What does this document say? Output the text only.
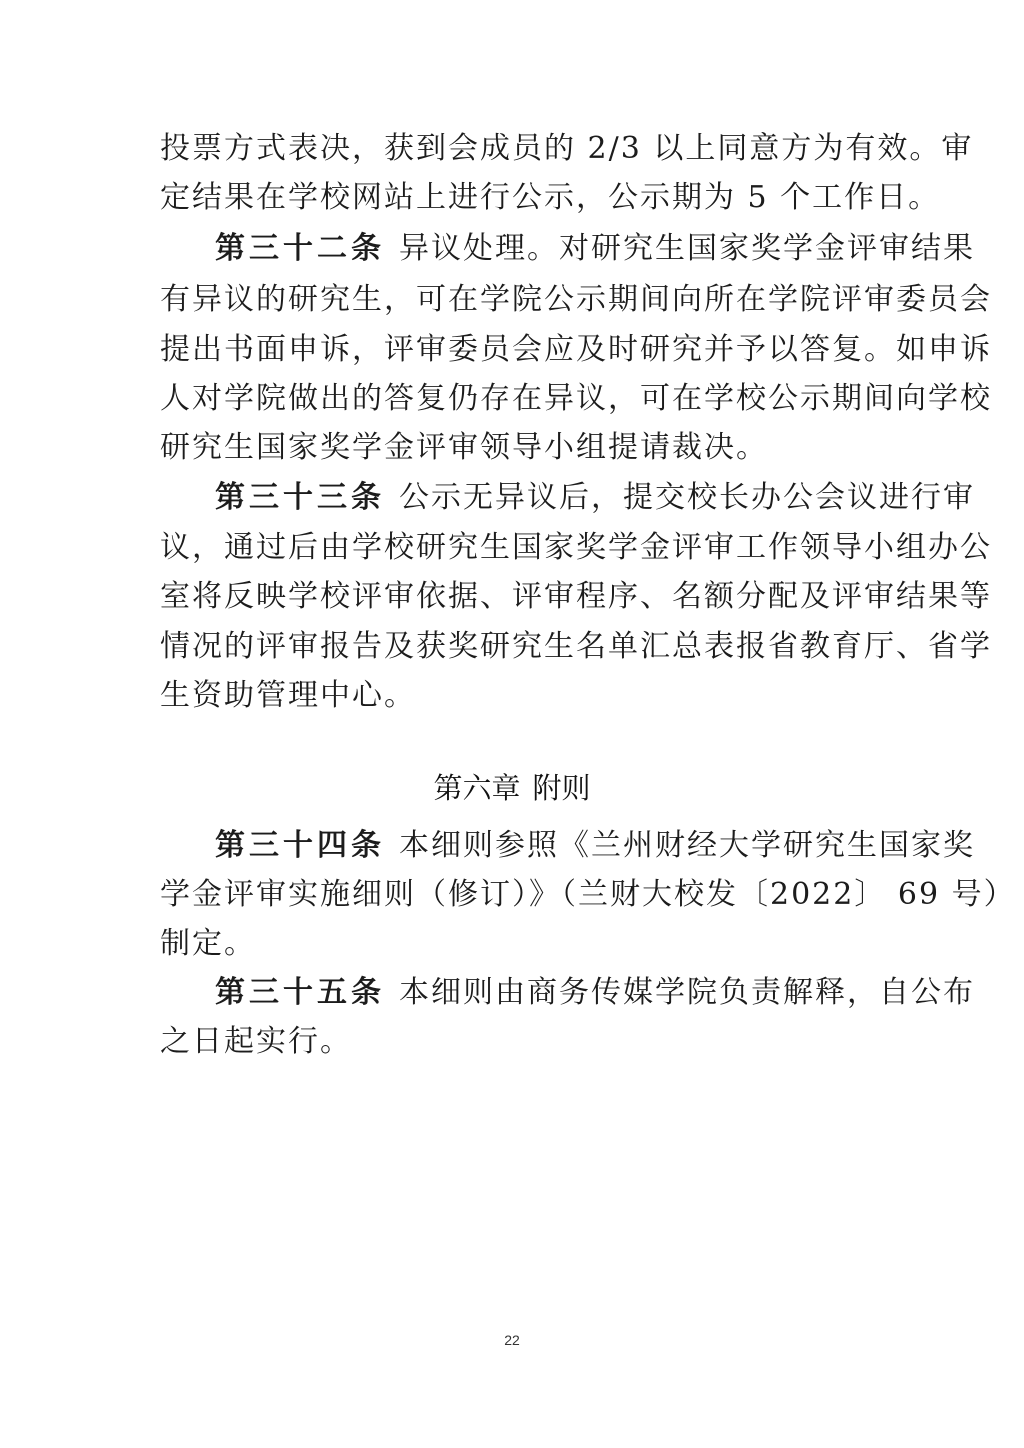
投票方式表决，获到会成员的 2/3 以上同意方为有效。审
定结果在学校网站上进行公示，公示期为 5 个工作日。
第三十二条 异议处理。对研究生国家奖学金评审结果
有异议的研究生，可在学院公示期间向所在学院评审委员会
提出书面申诉，评审委员会应及时研究并予以答复。如申诉
人对学院做出的答复仍存在异议，可在学校公示期间向学校
研究生国家奖学金评审领导小组提请裁决。
第三十三条 公示无异议后，提交校长办公会议进行审
议，通过后由学校研究生国家奖学金评审工作领导小组办公
室将反映学校评审依据、评审程序、名额分配及评审结果等
情况的评审报告及获奖研究生名单汇总表报省教育厅、省学
生资助管理中心。
第六章 附则
第三十四条 本细则参照《兰州财经大学研究生国家奖
学金评审实施细则（修订）》（兰财大校发〔2022〕 69 号）
制定。
第三十五条 本细则由商务传媒学院负责解释，自公布
之日起实行。
22
